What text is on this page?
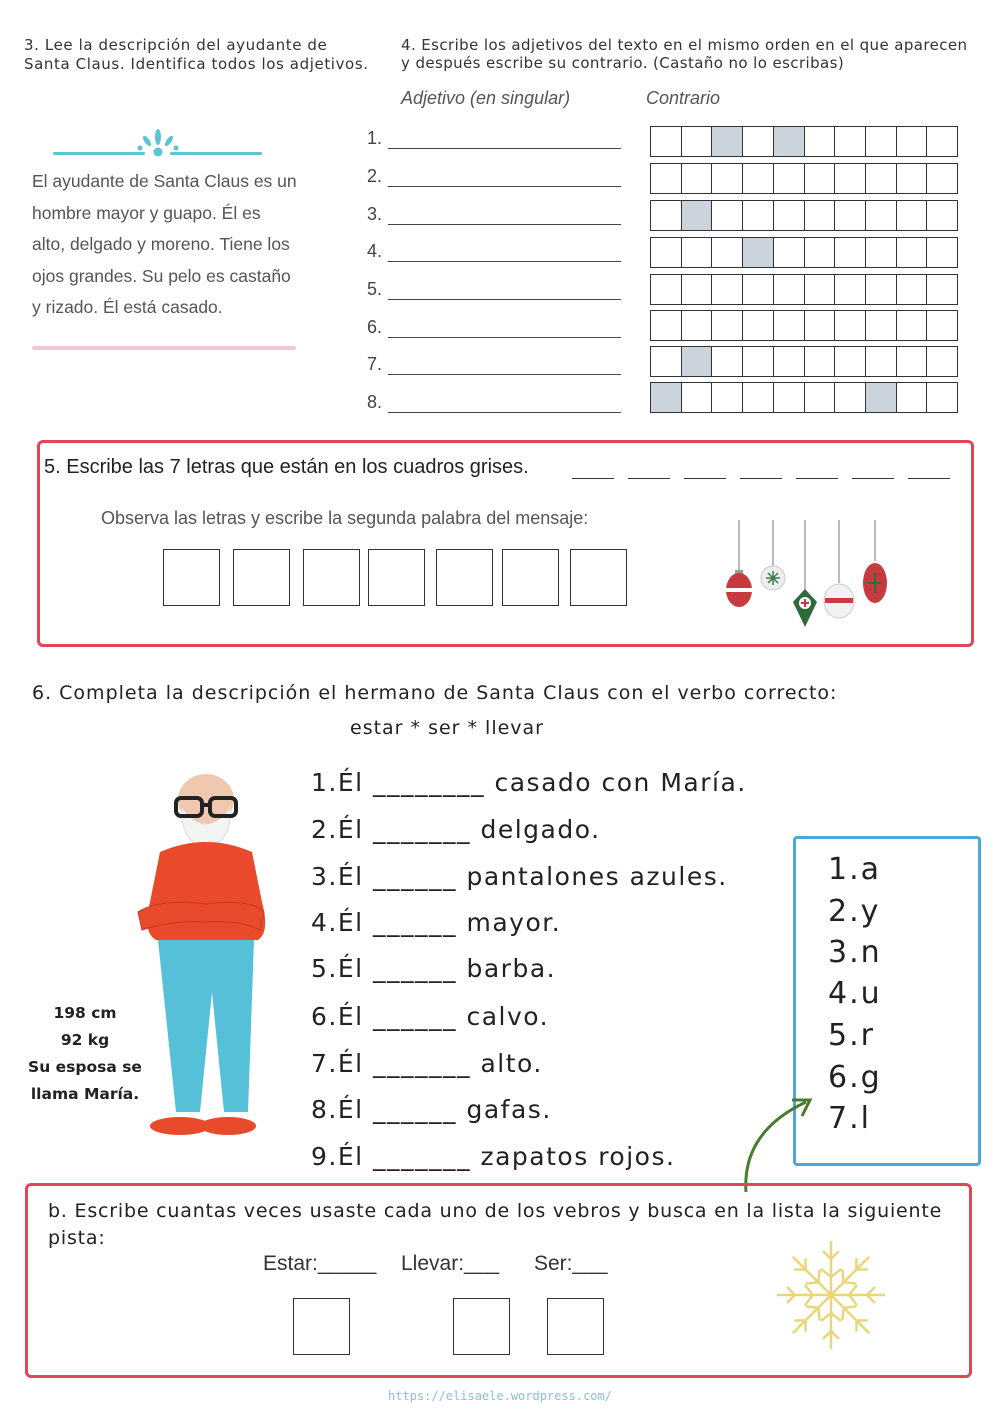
3. Lee la descripción del ayudante de Santa Claus. Identifica todos los adjetivos.
El ayudante de Santa Claus es un
hombre mayor y guapo. Él es
alto, delgado y moreno. Tiene los
ojos grandes. Su pelo es castaño
y rizado. Él está casado.
4. Escribe los adjetivos del texto en el mismo orden en el que aparecen y después escribe su contrario. (Castaño no lo escribas)
Adjetivo (en singular)	Contrario
1.
2.
3.
4.
5.
6.
7.
8.
5. Escribe las 7 letras que están en los cuadros grises.
Observa las letras y escribe la segunda palabra del mensaje:
6. Completa la descripción el hermano de Santa Claus con el verbo correcto:
estar * ser * llevar
198 cm
92 kg
Su esposa se
llama María.
1.Él ________ casado con María.
2.Él _______ delgado.
3.Él ______ pantalones azules.
4.Él ______ mayor.
5.Él ______ barba.
6.Él ______ calvo.
7.Él _______ alto.
8.Él ______ gafas.
9.Él _______ zapatos rojos.
1.a
2.y
3.n
4.u
5.r
6.g
7.l
b. Escribe cuantas veces usaste cada uno de los vebros y busca en la lista la siguiente pista:
Estar:_____ Llevar:___ Ser:___
https://elisaele.wordpress.com/
